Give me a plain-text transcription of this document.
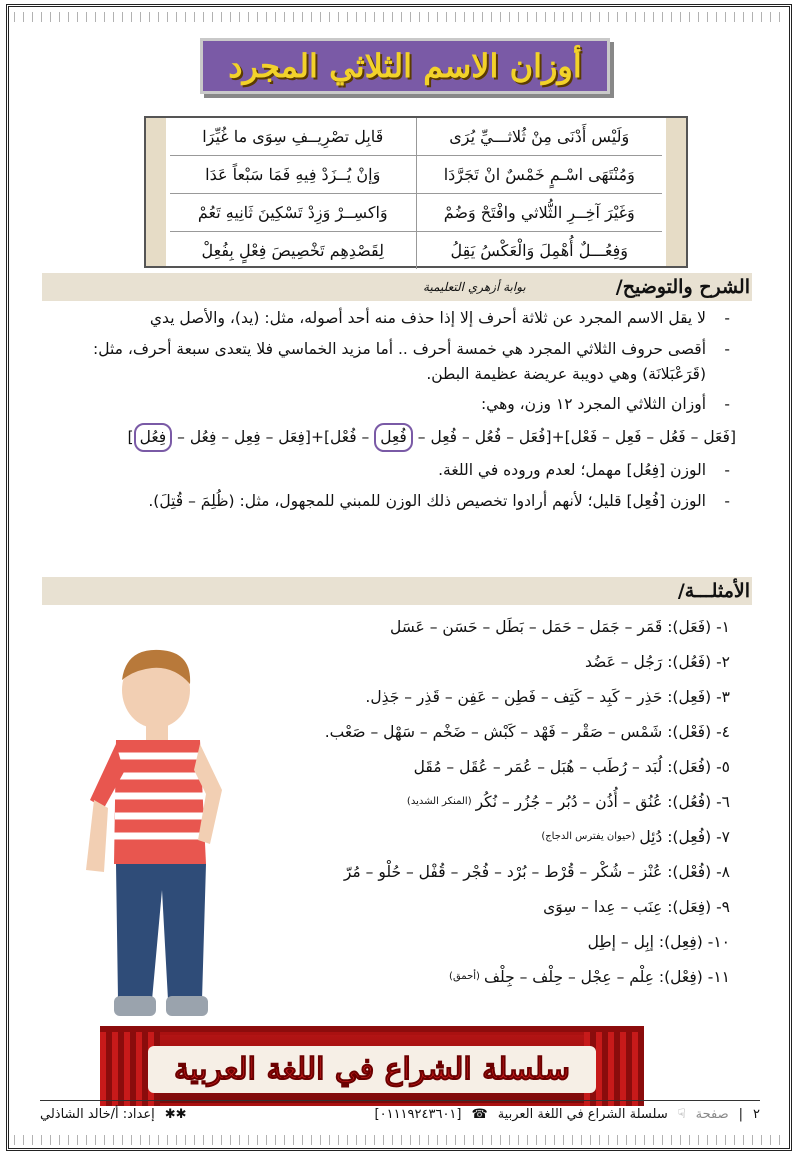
أوزان الاسم الثلاثي المجرد
وَلَيْس أَدْنَى مِنْ ثُلاثـــيِّ يُرَى
قَابِل تصْرِيــفِ سِوَى ما غُيِّرَا
وَمُنْتَهَى اسْـمٍ خَمْسٌ انْ تَجَرَّدَا
وَإنْ يُــزَدْ فِيهِ فَمَا سَبْعاً عَدَا
وَغَيْرَ آخِــرِ الثُّلاثي وافْتَحْ وَضُمْ
وَاكسِــرْ وَزِدْ تَسْكِينَ ثَانِيهِ تَعُمْ
وَفِعُـــلٌ أُهْمِلَ وَالْعَكْسُ يَقِلُ
لِقَصْدِهِم تَخْصِيصَ فِعْلٍ بِفُعِلْ
الشرح والتوضيح/
بوابة أزهري التعليمية
- لا يقل الاسم المجرد عن ثلاثة أحرف إلا إذا حذف منه أحد أصوله، مثل: (يد)، والأصل يدي
- أقصى حروف الثلاثي المجرد هي خمسة أحرف .. أما مزيد الخماسي فلا يتعدى سبعة أحرف، مثل: (قَرَعْبَلانَة) وهي دويبة عريضة عظيمة البطن.
- أوزان الثلاثي المجرد ١٢ وزن، وهي:
[فَعَل – فَعُل – فَعِل – فَعْل]+[فُعَل – فُعُل – فُعِل – فُعِل – فُعْل]+[فِعَل – فِعِل – فِعُل – فِعُل]
- الوزن [فِعُل] مهمل؛ لعدم وروده في اللغة.
- الوزن [فُعِل] قليل؛ لأنهم أرادوا تخصيص ذلك الوزن للمبني للمجهول، مثل: (ظُلِمَ – قُتِلَ).
الأمثلـــة/
١- (فَعَل): قَمَر – جَمَل – حَمَل – بَطَل – حَسَن – عَسَل
٢- (فَعُل): رَجُل – عَضُد
٣- (فَعِل): حَذِر – كَبِد – كَتِف – فَطِن – عَفِن – قَذِر – جَذِل.
٤- (فَعْل): شَمْس – صَقْر – فَهْد – كَبْش – ضَخْم – سَهْل – صَعْب.
٥- (فُعَل): لُبَد – رُطَب – هُبَل – عُمَر – عُقَل – مُقَل
٦- (فُعُل): عُنُق – أُذُن – دُبُر – جُزُر – نُكُر
(المنكر الشديد)
٧- (فُعِل): دُئِل
(حيوان يفترس الدجاج)
٨- (فُعْل): عُنْز – شُكْر – قُرْط – بُرْد – فُجْر – قُفْل – حُلْو – مُرّ
٩- (فِعَل): عِنَب – عِدا – سِوَى
١٠- (فِعِل): إبِل – إطِل
١١- (فِعْل): عِلْم – عِجْل – حِلْف – جِلْف
(أحمق)
سلسلة الشراع في اللغة العربية
٢
|
صفحة
☟
سلسلة الشراع في اللغة العربية
☎
[٠١١١٩٢٤٣٦٠١]
✱✱
إعداد: أ/خالد الشاذلي
